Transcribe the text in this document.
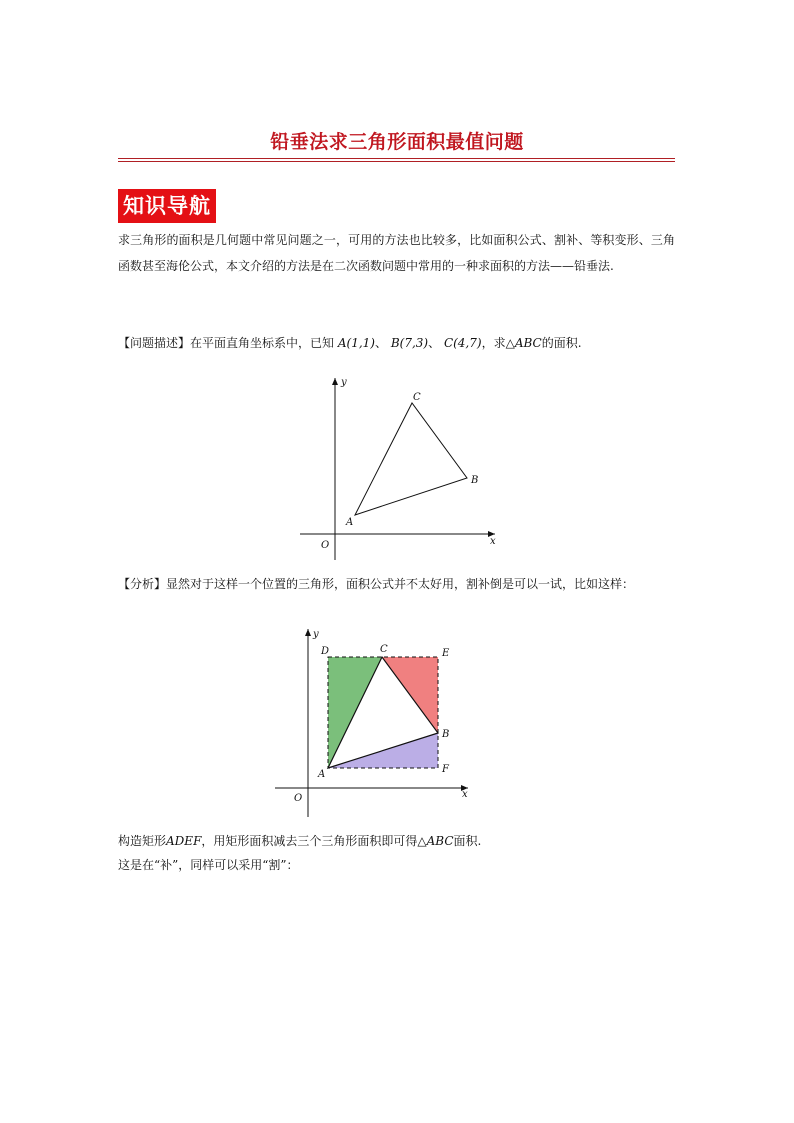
铅垂法求三角形面积最值问题
知识导航
求三角形的面积是几何题中常见问题之一，可用的方法也比较多，比如面积公式、割补、等积变形、三角函数甚至海伦公式，本文介绍的方法是在二次函数问题中常用的一种求面积的方法——铅垂法.
【问题描述】在平面直角坐标系中，已知 A(1,1)、 B(7,3)、 C(4,7)，求△ABC的面积.
y
x
O
A
B
C
【分析】显然对于这样一个位置的三角形，面积公式并不太好用，割补倒是可以一试，比如这样：
y
x
O
A
B
C
D	E
F
构造矩形ADEF，用矩形面积减去三个三角形面积即可得△ABC面积.
这是在“补”，同样可以采用“割”：
